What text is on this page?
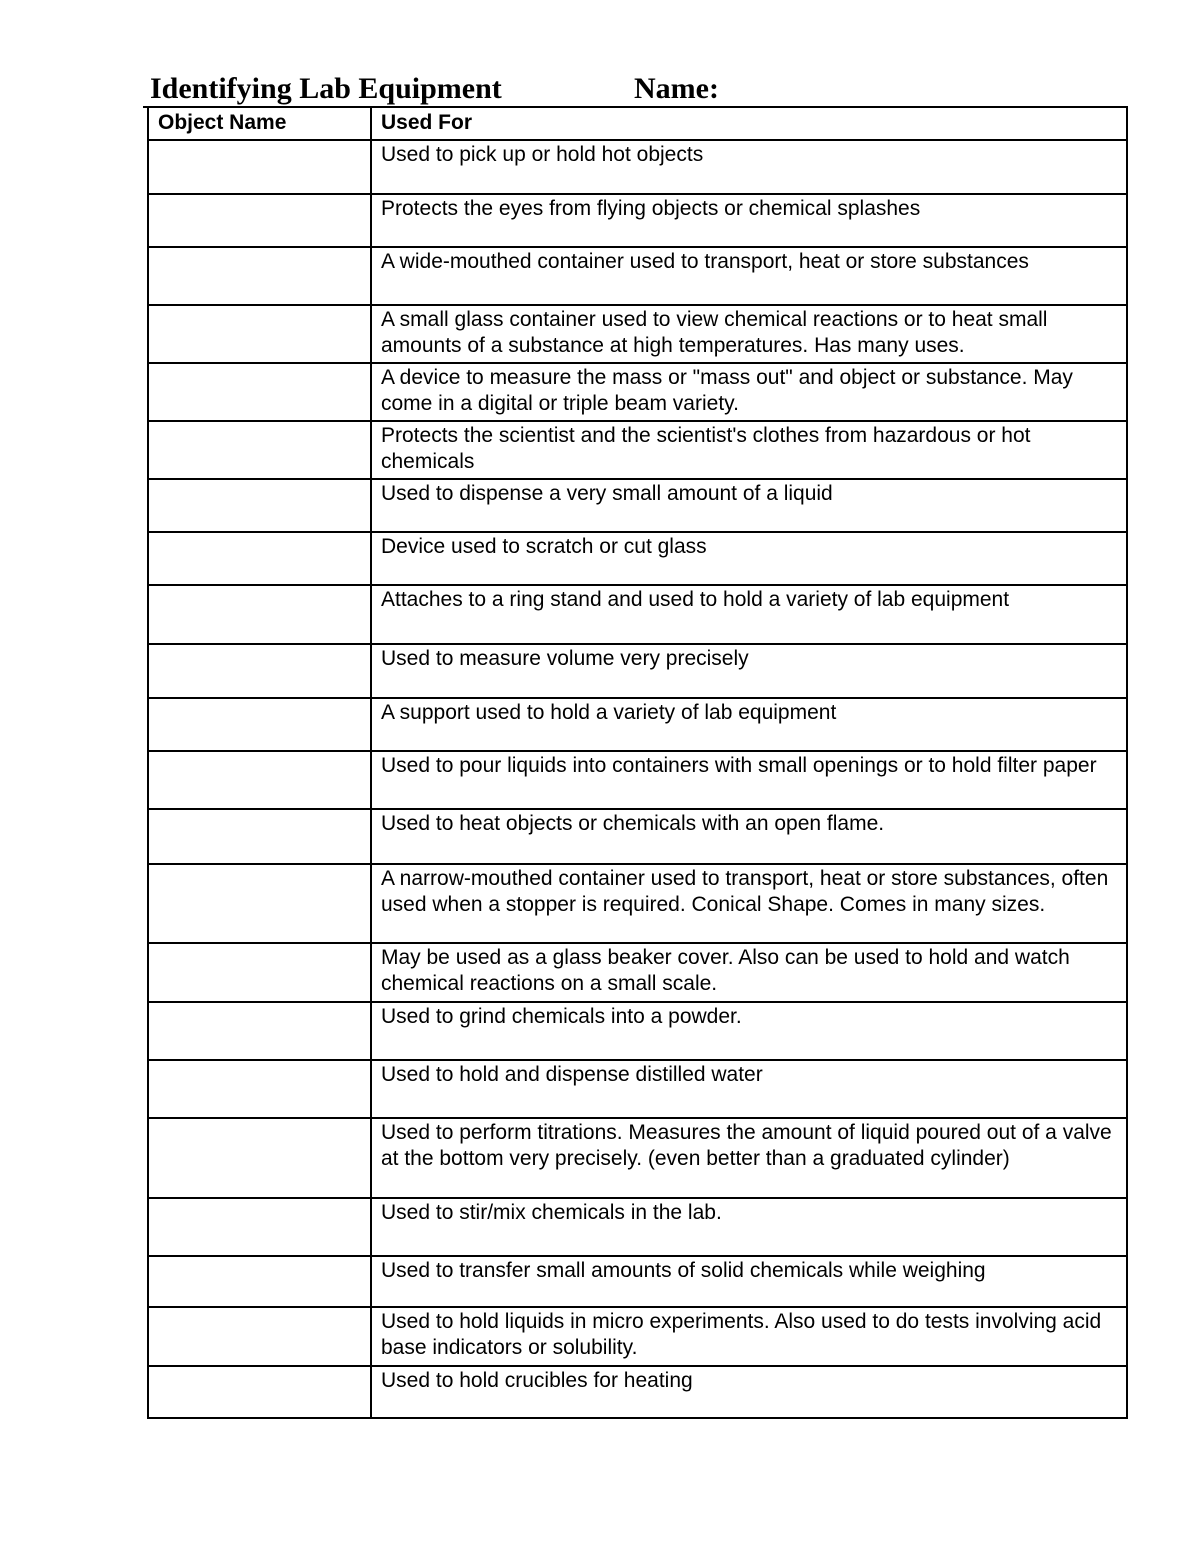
Identifying Lab Equipment	Name:
Object Name	Used For
	Used to pick up or hold hot objects
	Protects the eyes from flying objects or chemical splashes
	A wide-mouthed container used to transport, heat or store substances
	A small glass container used to view chemical reactions or to heat small amounts of a substance at high temperatures. Has many uses.
	A device to measure the mass or "mass out" and object or substance. May come in a digital or triple beam variety.
	Protects the scientist and the scientist's clothes from hazardous or hot chemicals
	Used to dispense a very small amount of a liquid
	Device used to scratch or cut glass
	Attaches to a ring stand and used to hold a variety of lab equipment
	Used to measure volume very precisely
	A support used to hold a variety of lab equipment
	Used to pour liquids into containers with small openings or to hold filter paper
	Used to heat objects or chemicals with an open flame.
	A narrow-mouthed container used to transport, heat or store substances, often used when a stopper is required. Conical Shape. Comes in many sizes.
	May be used as a glass beaker cover. Also can be used to hold and watch chemical reactions on a small scale.
	Used to grind chemicals into a powder.
	Used to hold and dispense distilled water
	Used to perform titrations. Measures the amount of liquid poured out of a valve at the bottom very precisely. (even better than a graduated cylinder)
	Used to stir/mix chemicals in the lab.
	Used to transfer small amounts of solid chemicals while weighing
	Used to hold liquids in micro experiments. Also used to do tests involving acid base indicators or solubility.
	Used to hold crucibles for heating
